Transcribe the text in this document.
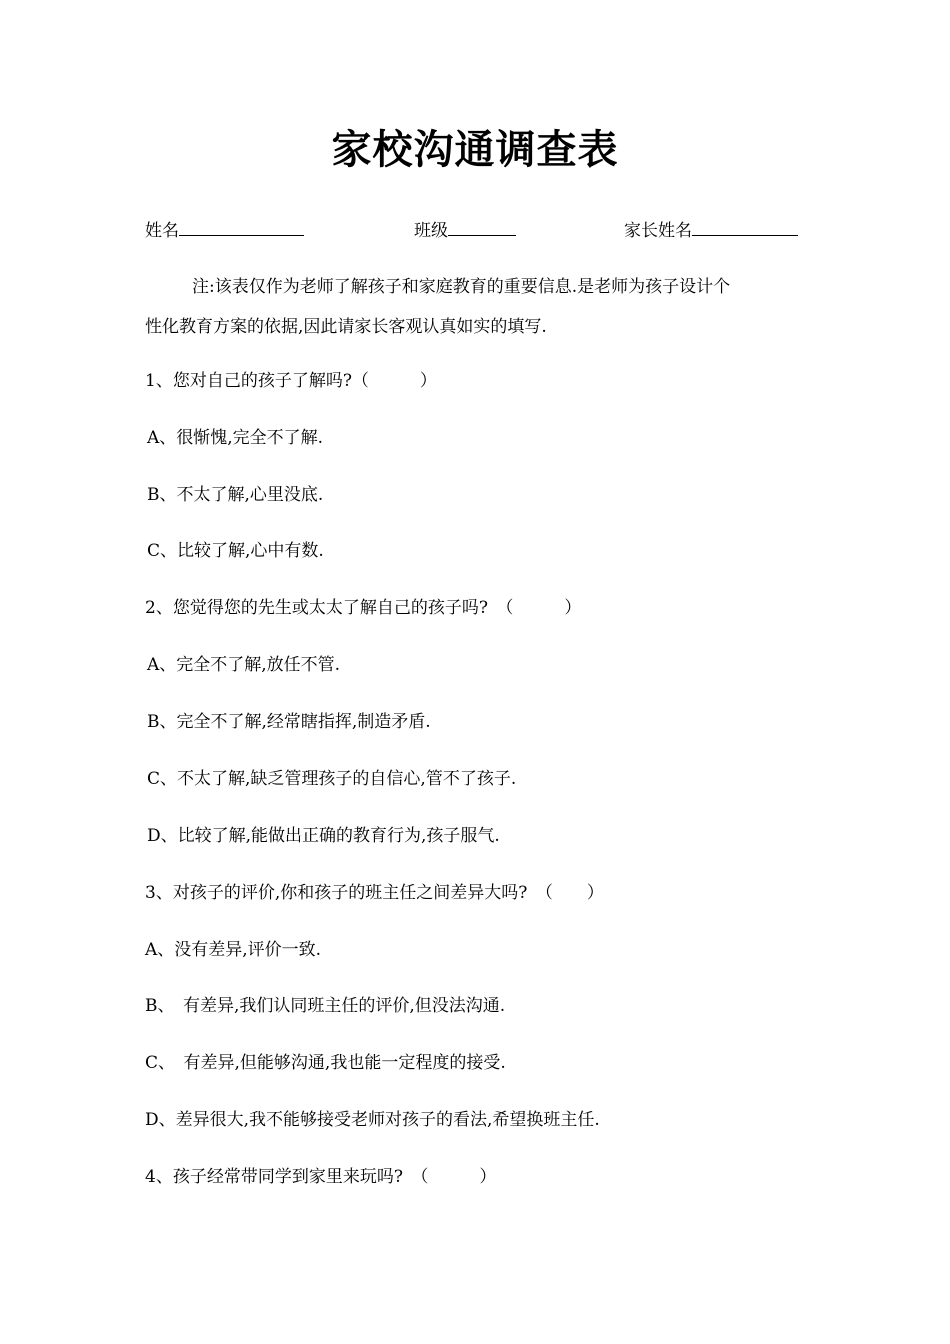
家校沟通调查表
姓名	班级	家长姓名
注:该表仅作为老师了解孩子和家庭教育的重要信息.是老师为孩子设计个
性化教育方案的依据,因此请家长客观认真如实的填写.
1、您对自己的孩子了解吗?（　　　）
A、很惭愧,完全不了解.
B、不太了解,心里没底.
C、比较了解,心中有数.
2、您觉得您的先生或太太了解自己的孩子吗?　（　　　）
A、完全不了解,放任不管.
B、完全不了解,经常瞎指挥,制造矛盾.
C、不太了解,缺乏管理孩子的自信心,管不了孩子.
D、比较了解,能做出正确的教育行为,孩子服气.
3、对孩子的评价,你和孩子的班主任之间差异大吗?　（　　）
A、没有差异,评价一致.
B、　有差异,我们认同班主任的评价,但没法沟通.
C、　有差异,但能够沟通,我也能一定程度的接受.
D、差异很大,我不能够接受老师对孩子的看法,希望换班主任.
4、孩子经常带同学到家里来玩吗?　（　　　）
